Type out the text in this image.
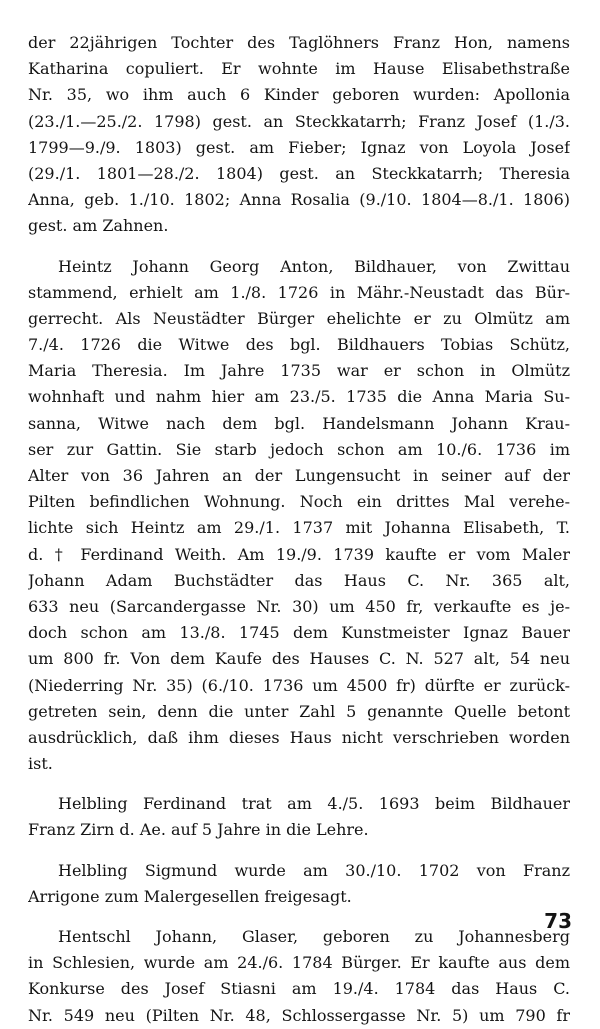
der 22jährigen Tochter des Taglöhners Franz Hon, namens
Katharina copuliert. Er wohnte im Hause Elisabethstraße
Nr. 35, wo ihm auch 6 Kinder geboren wurden: Apollonia
(23./1.—25./2. 1798) gest. an Steckkatarrh; Franz Josef (1./3.
1799—9./9. 1803) gest. am Fieber; Ignaz von Loyola Josef
(29./1. 1801—28./2. 1804) gest. an Steckkatarrh; Theresia
Anna, geb. 1./10. 1802; Anna Rosalia (9./10. 1804—8./1. 1806)
gest. am Zahnen.
Heintz Johann Georg Anton, Bildhauer, von Zwittau
stammend, erhielt am 1./8. 1726 in Mähr.-Neustadt das Bür-
gerrecht. Als Neustädter Bürger ehelichte er zu Olmütz am
7./4. 1726 die Witwe des bgl. Bildhauers Tobias Schütz,
Maria Theresia. Im Jahre 1735 war er schon in Olmütz
wohnhaft und nahm hier am 23./5. 1735 die Anna Maria Su-
sanna, Witwe nach dem bgl. Handelsmann Johann Krau-
ser zur Gattin. Sie starb jedoch schon am 10./6. 1736 im
Alter von 36 Jahren an der Lungensucht in seiner auf der
Pilten befindlichen Wohnung. Noch ein drittes Mal verehe-
lichte sich Heintz am 29./1. 1737 mit Johanna Elisabeth, T.
d. † Ferdinand Weith. Am 19./9. 1739 kaufte er vom Maler
Johann Adam Buchstädter das Haus C. Nr. 365 alt,
633 neu (Sarcandergasse Nr. 30) um 450 fr, verkaufte es je-
doch schon am 13./8. 1745 dem Kunstmeister Ignaz Bauer
um 800 fr. Von dem Kaufe des Hauses C. N. 527 alt, 54 neu
(Niederring Nr. 35) (6./10. 1736 um 4500 fr) dürfte er zurück-
getreten sein, denn die unter Zahl 5 genannte Quelle betont
ausdrücklich, daß ihm dieses Haus nicht verschrieben worden
ist.
Helbling Ferdinand trat am 4./5. 1693 beim Bildhauer
Franz Zirn d. Ae. auf 5 Jahre in die Lehre.
Helbling Sigmund wurde am 30./10. 1702 von Franz
Arrigone zum Malergesellen freigesagt.
Hentschl Johann, Glaser, geboren zu Johannesberg
in Schlesien, wurde am 24./6. 1784 Bürger. Er kaufte aus dem
Konkurse des Josef Stiasni am 19./4. 1784 das Haus C.
Nr. 549 neu (Pilten Nr. 48, Schlossergasse Nr. 5) um 790 fr
73
